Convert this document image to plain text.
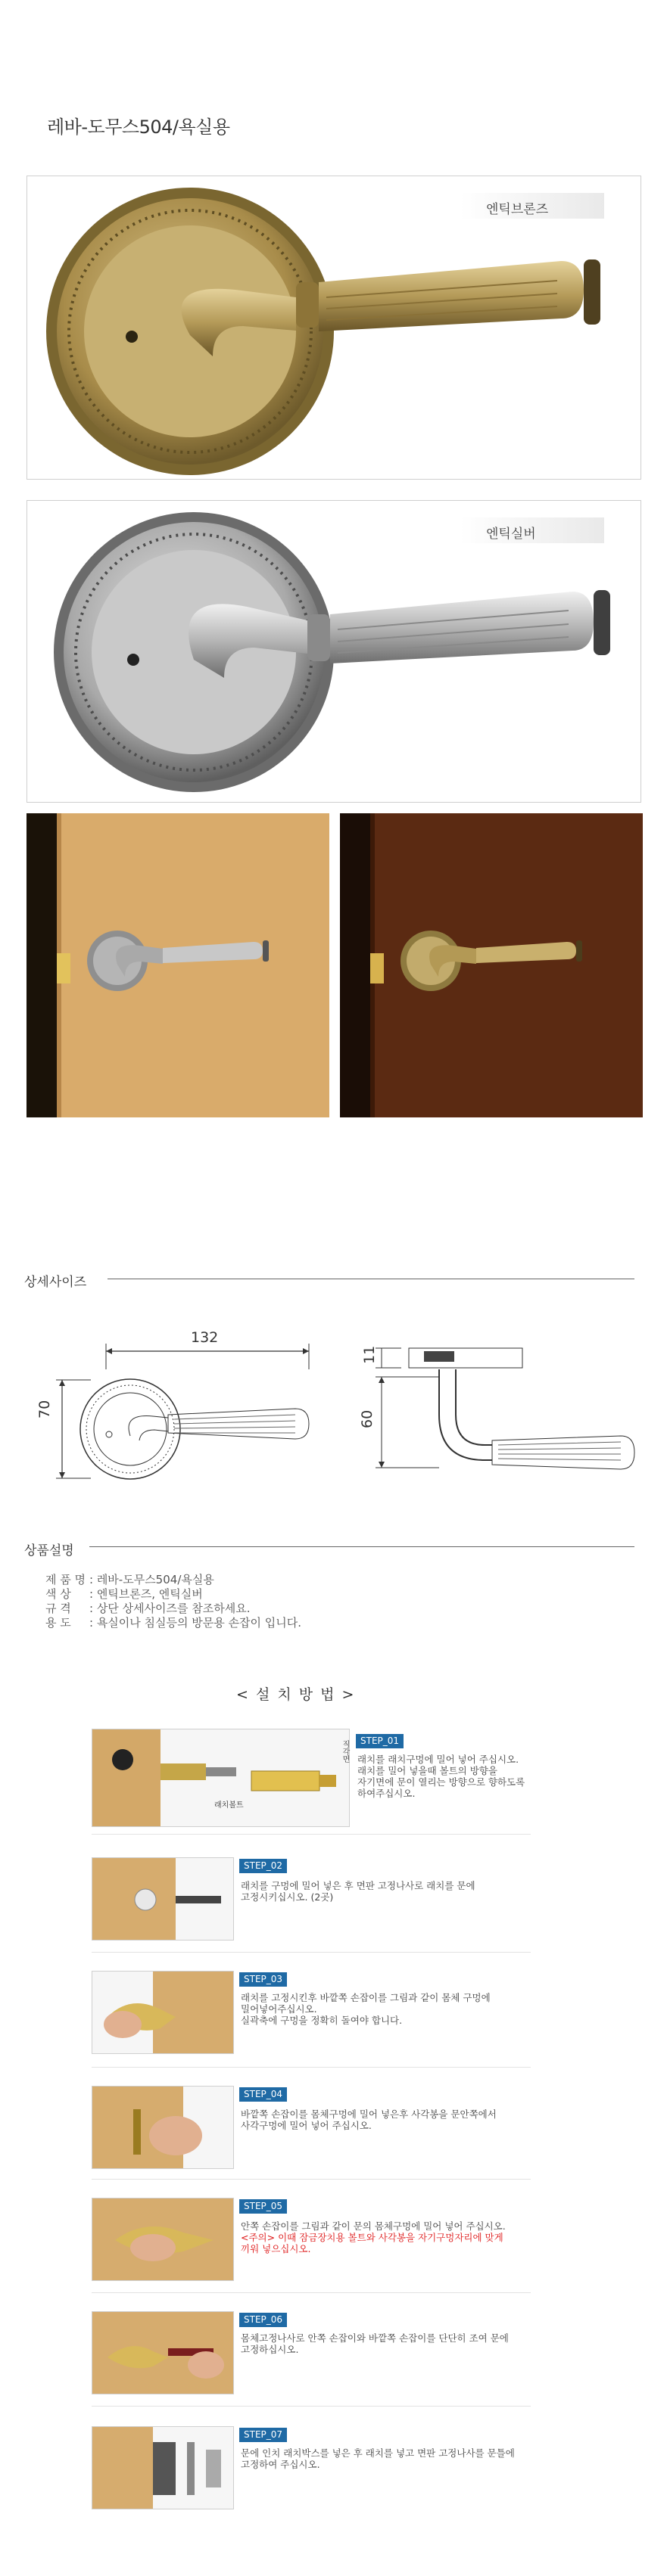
레바-도무스504/욕실용
엔틱브론즈
엔틱실버
상세사이즈
132
70
11
60
상품설명
제 품 명 : 레바-도무스504/욕실용
색 상 : 엔틱브론즈, 엔틱실버
규 격 : 상단 상세사이즈를 참조하세요.
용 도 : 욕실이나 침실등의 방문용 손잡이 입니다.
< 설 치 방 법 >
래치볼트
직각면	STEP_01
래치를 래치구멍에 밀어 넣어 주십시오.
래치를 밀어 넣을때 볼트의 방향을
자기면에 문이 열리는 방향으로 향하도록
하여주십시오.
STEP_02
래치를 구멍에 밀어 넣은 후 면판 고정나사로 래치를 문에
고정시키십시오. (2곳)
STEP_03
래치를 고정시킨후 바깥쪽 손잡이를 그림과 같이 몸체 구멍에
밀어넣어주십시오.
실곽축에 구멍을 정확히 돌여야 합니다.
STEP_04
바깥쪽 손잡이를 몸체구멍에 밀어 넣은후 사각봉을 문안쪽에서
사각구멍에 밀어 넣어 주십시오.
STEP_05
안쪽 손잡이를 그림과 같이 문의 몸체구멍에 밀어 넣어 주십시오.
<주의> 이때 잠금장치용 볼트와 사각봉을 자기구멍자리에 맞게
끼워 넣으십시오.
STEP_06
몸체고정나사로 안쪽 손잡이와 바깥쪽 손잡이를 단단히 조여 문에
고정하십시오.
STEP_07
문에 인치 래치박스를 넣은 후 래치를 넣고 면판 고정나사를 문틀에
고정하여 주십시오.
